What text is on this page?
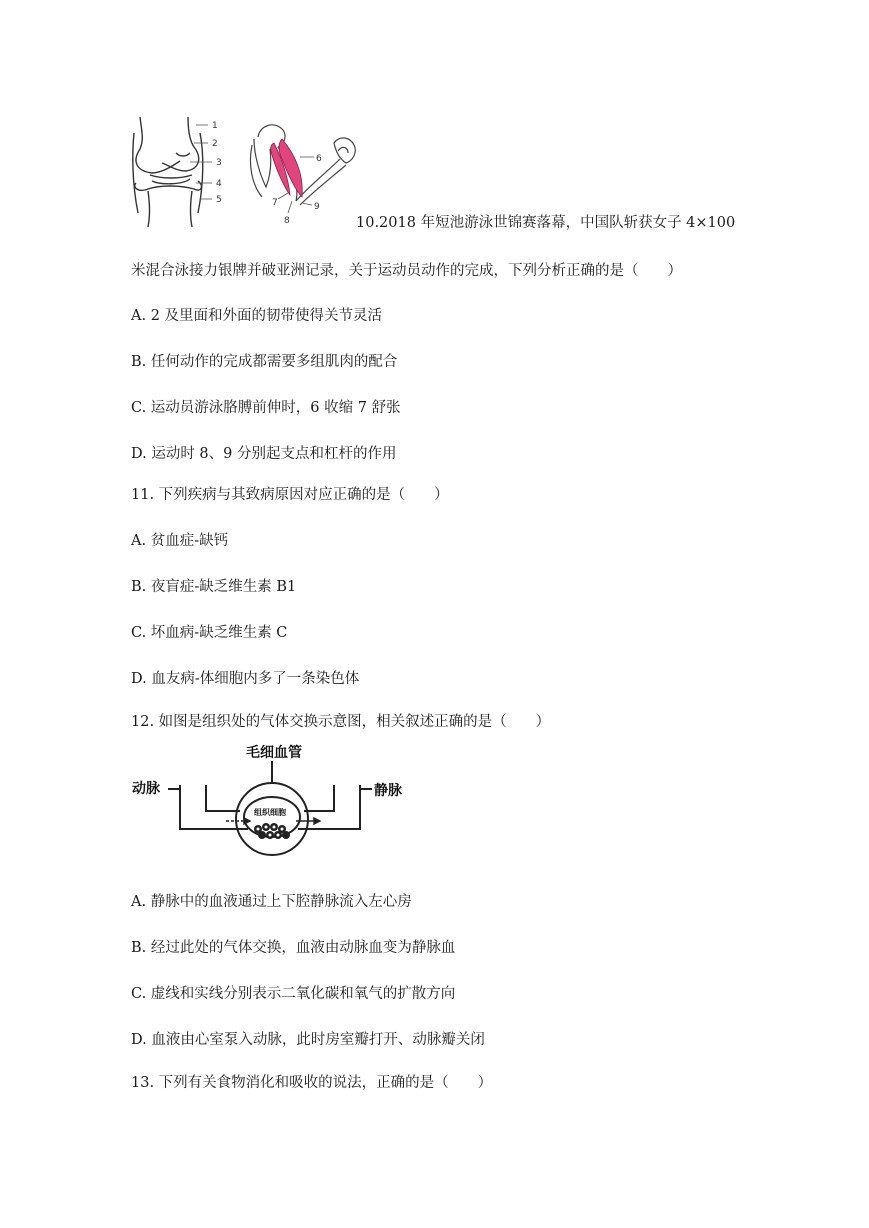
1
2
3
4
5
6
7
8
9
10.2018 年短池游泳世锦赛落幕，中国队斩获女子 4×100
米混合泳接力银牌并破亚洲记录，关于运动员动作的完成，下列分析正确的是（　　）
A. 2 及里面和外面的韧带使得关节灵活
B. 任何动作的完成都需要多组肌肉的配合
C. 运动员游泳胳膊前伸时，6 收缩 7 舒张
D. 运动时 8、9 分别起支点和杠杆的作用
11. 下列疾病与其致病原因对应正确的是（　　）
A. 贫血症-缺钙
B. 夜盲症-缺乏维生素 B1
C. 坏血病-缺乏维生素 C
D. 血友病-体细胞内多了一条染色体
12. 如图是组织处的气体交换示意图，相关叙述正确的是（　　）
毛细血管
动脉	静脉
组织细胞
A. 静脉中的血液通过上下腔静脉流入左心房
B. 经过此处的气体交换，血液由动脉血变为静脉血
C. 虚线和实线分别表示二氧化碳和氧气的扩散方向
D. 血液由心室泵入动脉，此时房室瓣打开、动脉瓣关闭
13. 下列有关食物消化和吸收的说法，正确的是（　　）
